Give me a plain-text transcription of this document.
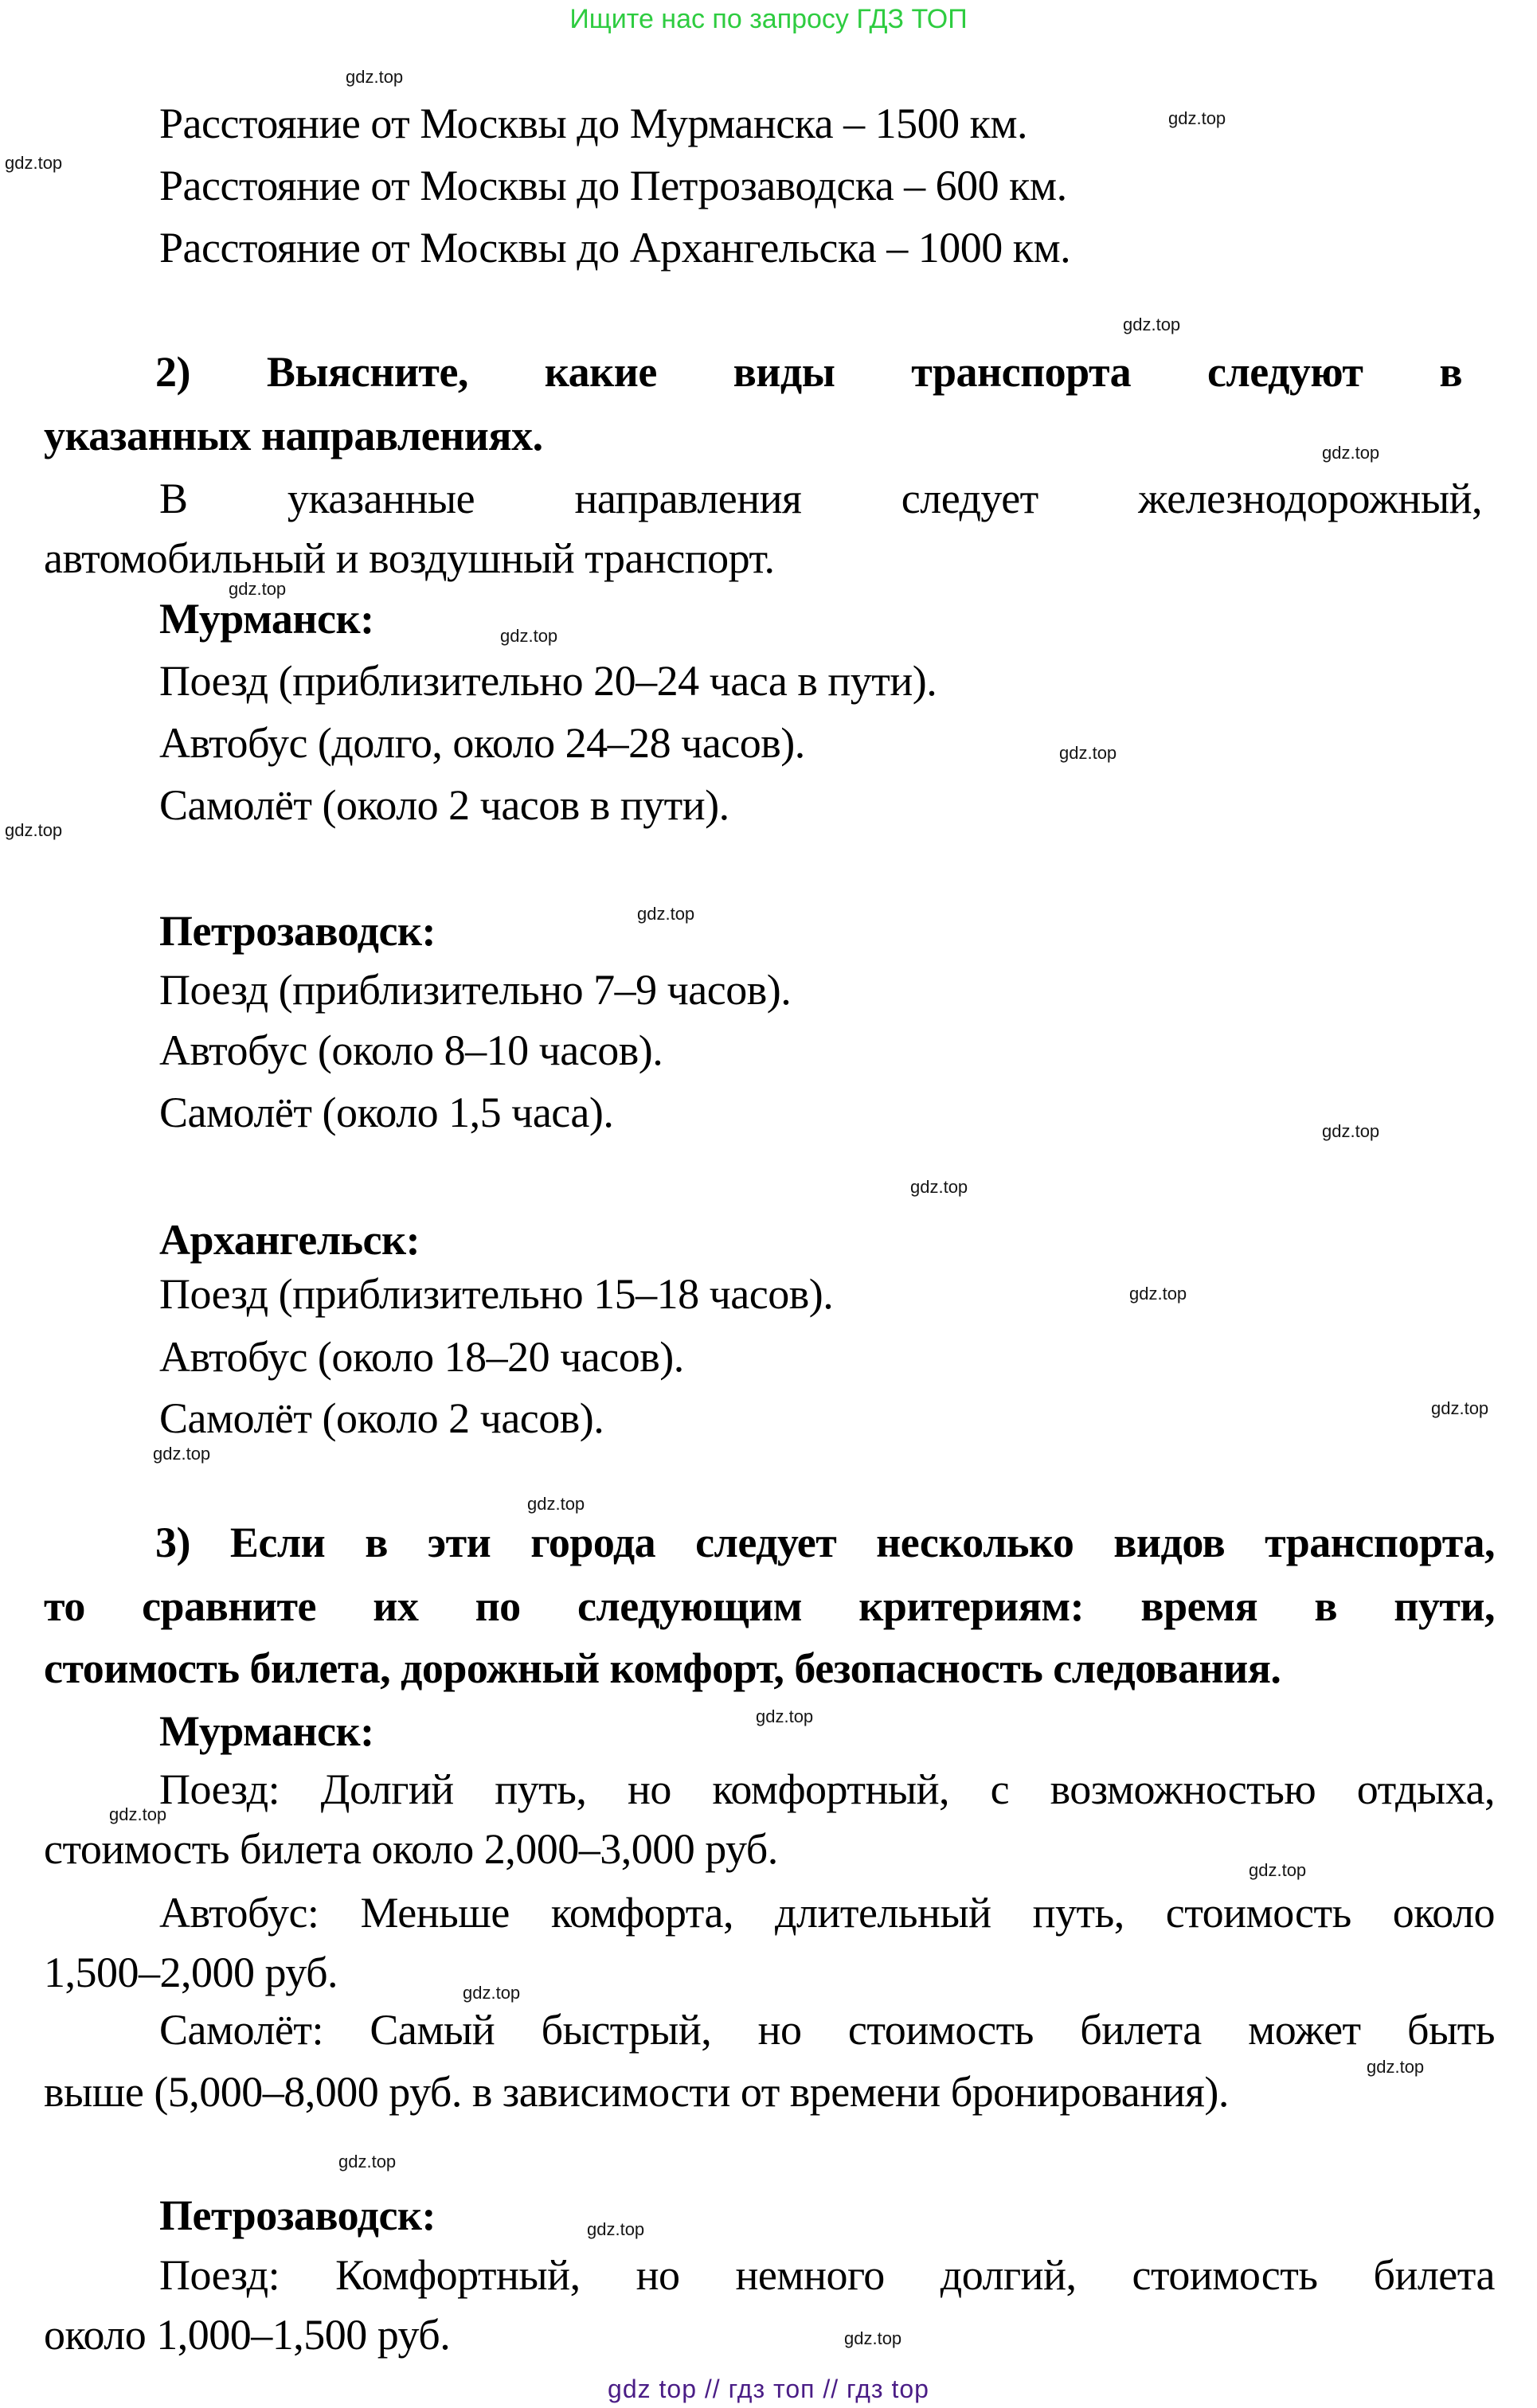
Ищите нас по запросу ГДЗ ТОП
Расстояние от Москвы до Мурманска – 1500 км.
Расстояние от Москвы до Петрозаводска – 600 км.
Расстояние от Москвы до Архангельска – 1000 км.
2) Выясните, какие виды транспорта следуют в
указанных направлениях.
В указанные направления следует железнодорожный,
автомобильный и воздушный транспорт.
Мурманск:
Поезд (приблизительно 20–24 часа в пути).
Автобус (долго, около 24–28 часов).
Самолёт (около 2 часов в пути).
Петрозаводск:
Поезд (приблизительно 7–9 часов).
Автобус (около 8–10 часов).
Самолёт (около 1,5 часа).
Архангельск:
Поезд (приблизительно 15–18 часов).
Автобус (около 18–20 часов).
Самолёт (около 2 часов).
3) Если в эти города следует несколько видов транспорта,
то сравните их по следующим критериям: время в пути,
стоимость билета, дорожный комфорт, безопасность следования.
Мурманск:
Поезд: Долгий путь, но комфортный, с возможностью отдыха,
стоимость билета около 2,000–3,000 руб.
Автобус: Меньше комфорта, длительный путь, стоимость около
1,500–2,000 руб.
Самолёт: Самый быстрый, но стоимость билета может быть
выше (5,000–8,000 руб. в зависимости от времени бронирования).
Петрозаводск:
Поезд: Комфортный, но немного долгий, стоимость билета
около 1,000–1,500 руб.
gdz.top
gdz.top
gdz.top
gdz.top
gdz.top
gdz.top
gdz.top
gdz.top
gdz.top
gdz.top
gdz.top
gdz.top
gdz.top
gdz.top
gdz.top
gdz.top
gdz.top
gdz.top
gdz.top
gdz.top
gdz.top
gdz.top
gdz.top
gdz.top
gdz top // гдз топ // гдз top
